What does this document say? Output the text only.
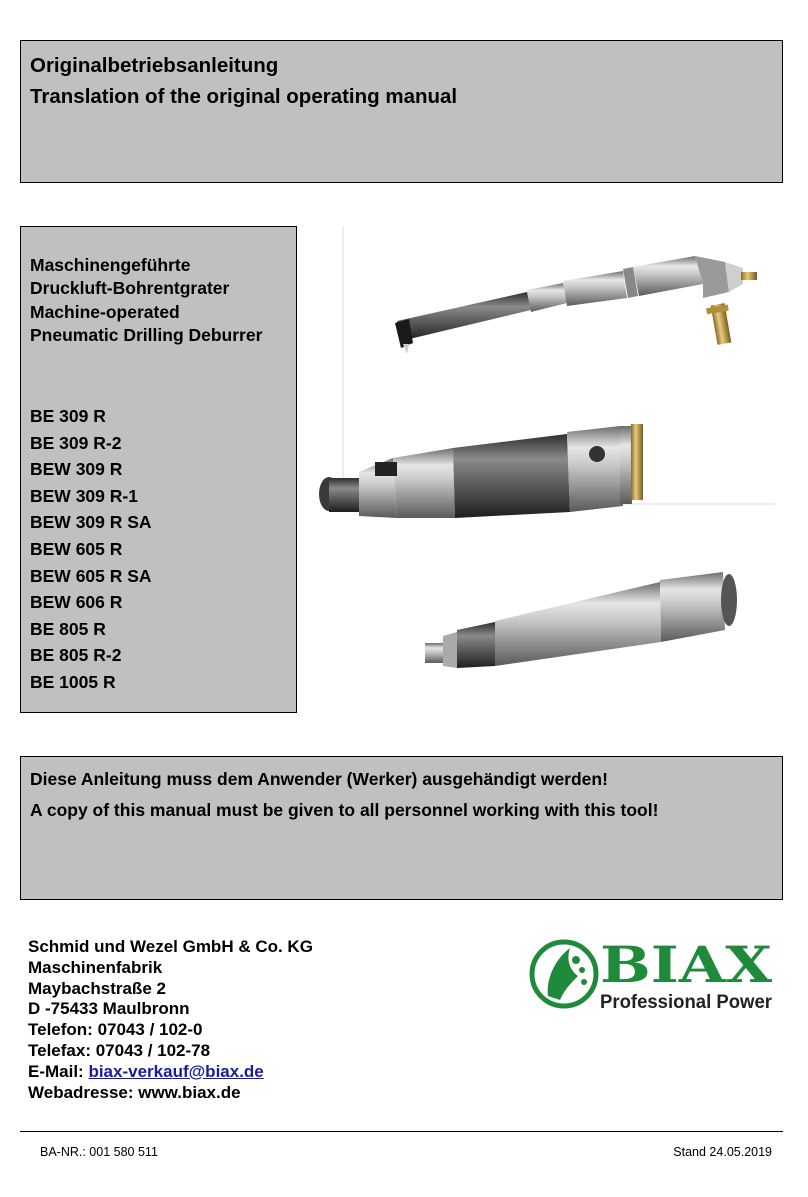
Originalbetriebsanleitung
Translation of the original operating manual
Maschinengeführte
Druckluft-Bohrentgrater
Machine-operated
Pneumatic Drilling Deburrer
BE 309 R
BE 309 R-2
BEW 309 R
BEW 309 R-1
BEW 309 R SA
BEW 605 R
BEW 605 R SA
BEW 606 R
BE 805 R
BE 805 R-2
BE 1005 R
Diese Anleitung muss dem Anwender (Werker) ausgehändigt werden!
A copy of this manual must be given to all personnel working with this tool!
Schmid und Wezel GmbH & Co. KG
Maschinenfabrik
Maybachstraße 2
D -75433 Maulbronn
Telefon: 07043 / 102-0
Telefax: 07043 / 102-78
E-Mail: biax-verkauf@biax.de
Webadresse: www.biax.de
BIAX
Professional Power
BA-NR.: 001 580 511	Stand 24.05.2019
